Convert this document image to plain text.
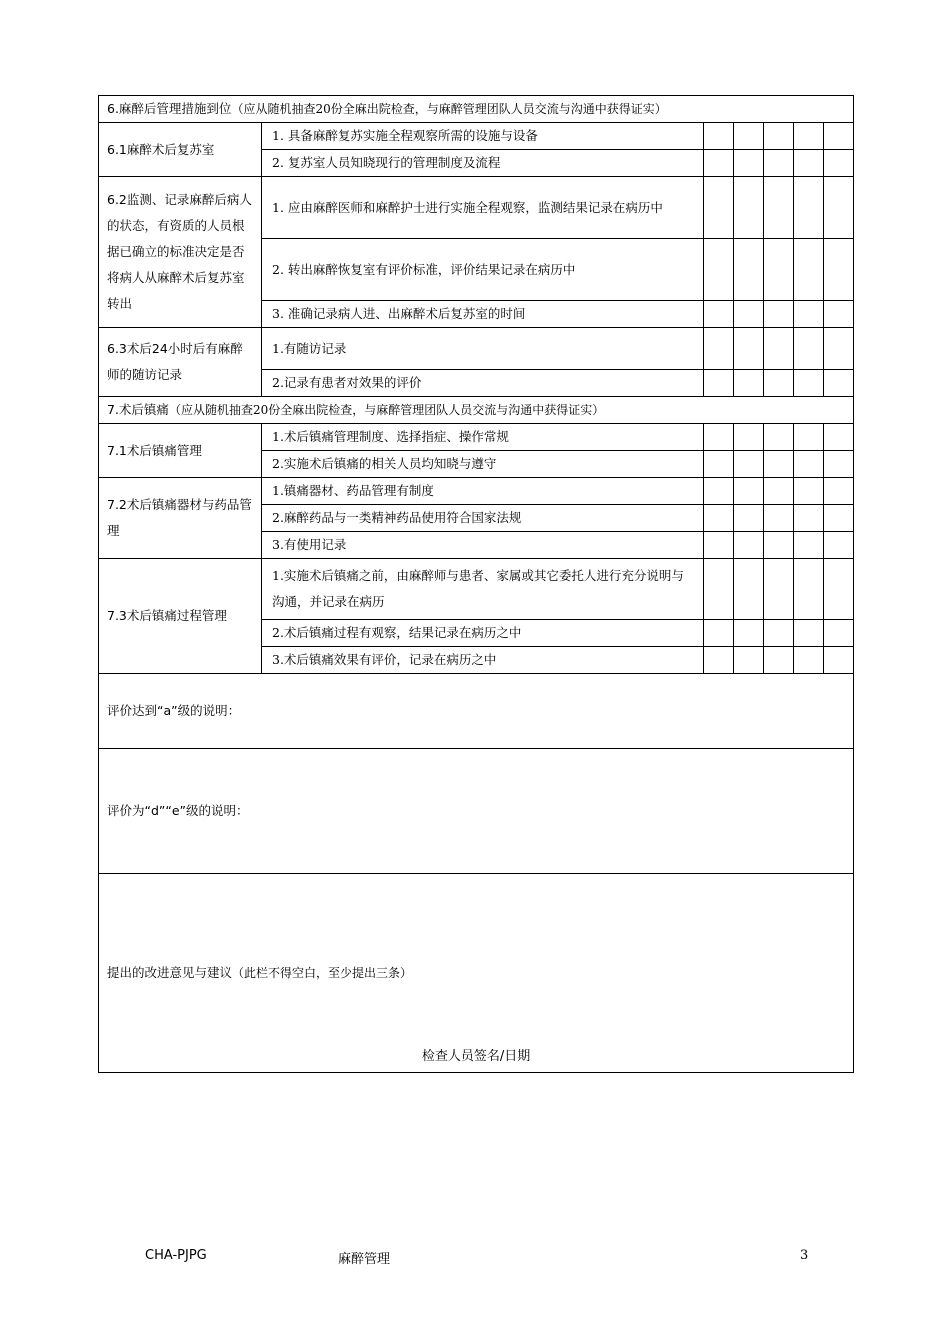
6.麻醉后管理措施到位（应从随机抽查20份全麻出院检查，与麻醉管理团队人员交流与沟通中获得证实）						
6.1麻醉术后复苏室	1. 具备麻醉复苏实施全程观察所需的设施与设备					
	2. 复苏室人员知晓现行的管理制度及流程					
6.2监测、记录麻醉后病人的状态，有资质的人员根据已确立的标准决定是否将病人从麻醉术后复苏室转出	1. 应由麻醉医师和麻醉护士进行实施全程观察，监测结果记录在病历中					
	2. 转出麻醉恢复室有评价标准，评价结果记录在病历中					
	3. 准确记录病人进、出麻醉术后复苏室的时间					
6.3术后24小时后有麻醉师的随访记录	1.有随访记录					
	2.记录有患者对效果的评价					
7.术后镇痛（应从随机抽查20份全麻出院检查，与麻醉管理团队人员交流与沟通中获得证实）						
7.1术后镇痛管理	1.术后镇痛管理制度、选择指症、操作常规					
	2.实施术后镇痛的相关人员均知晓与遵守					
7.2术后镇痛器材与药品管理	1.镇痛器材、药品管理有制度					
	2.麻醉药品与一类精神药品使用符合国家法规					
	3.有使用记录					
7.3术后镇痛过程管理	1.实施术后镇痛之前，由麻醉师与患者、家属或其它委托人进行充分说明与沟通，并记录在病历					
	2.术后镇痛过程有观察，结果记录在病历之中					
	3.术后镇痛效果有评价，记录在病历之中					
评价达到“a”级的说明：						
评价为“d”“e”级的说明：						
提出的改进意见与建议（此栏不得空白，至少提出三条）
检查人员签名/日期						
CHA-PJPG	麻醉管理	3
